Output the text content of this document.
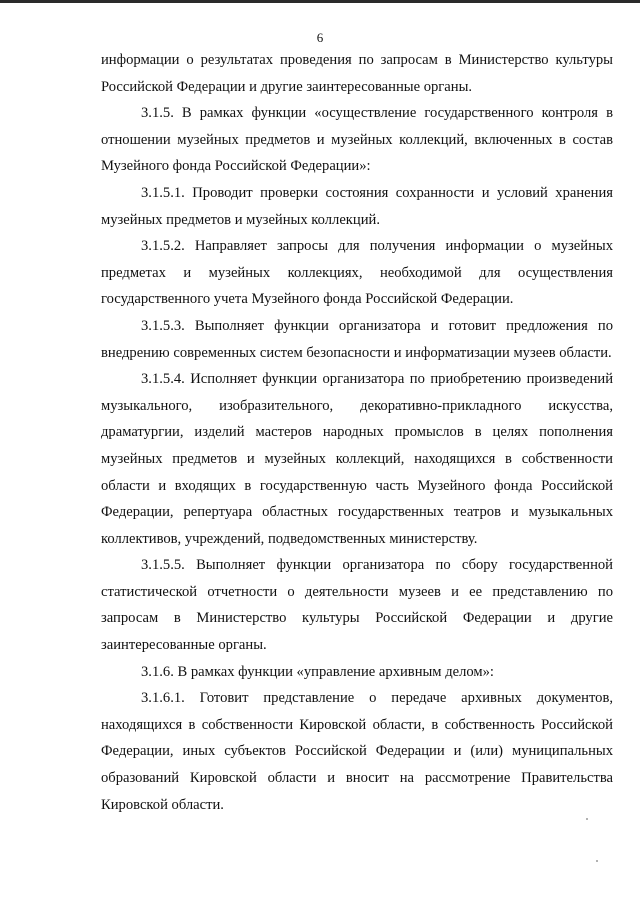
6

информации о результатах проведения по запросам в Министерство культуры Российской Федерации и другие заинтересованные органы.

3.1.5. В рамках функции «осуществление государственного контроля в отношении музейных предметов и музейных коллекций, включенных в состав Музейного фонда Российской Федерации»:

3.1.5.1. Проводит проверки состояния сохранности и условий хранения музейных предметов и музейных коллекций.

3.1.5.2. Направляет запросы для получения информации о музейных предметах и музейных коллекциях, необходимой для осуществления государственного учета Музейного фонда Российской Федерации.

3.1.5.3. Выполняет функции организатора и готовит предложения по внедрению современных систем безопасности и информатизации музеев области.

3.1.5.4. Исполняет функции организатора по приобретению произведений музыкального, изобразительного, декоративно-прикладного искусства, драматургии, изделий мастеров народных промыслов в целях пополнения музейных предметов и музейных коллекций, находящихся в собственности области и входящих в государственную часть Музейного фонда Российской Федерации, репертуара областных государственных театров и музыкальных коллективов, учреждений, подведомственных министерству.

3.1.5.5. Выполняет функции организатора по сбору государственной статистической отчетности о деятельности музеев и ее представлению по запросам в Министерство культуры Российской Федерации и другие заинтересованные органы.

3.1.6. В рамках функции «управление архивным делом»:

3.1.6.1. Готовит представление о передаче архивных документов, находящихся в собственности Кировской области, в собственность Российской Федерации, иных субъектов Российской Федерации и (или) муниципальных образований Кировской области и вносит на рассмотрение Правительства Кировской области.
